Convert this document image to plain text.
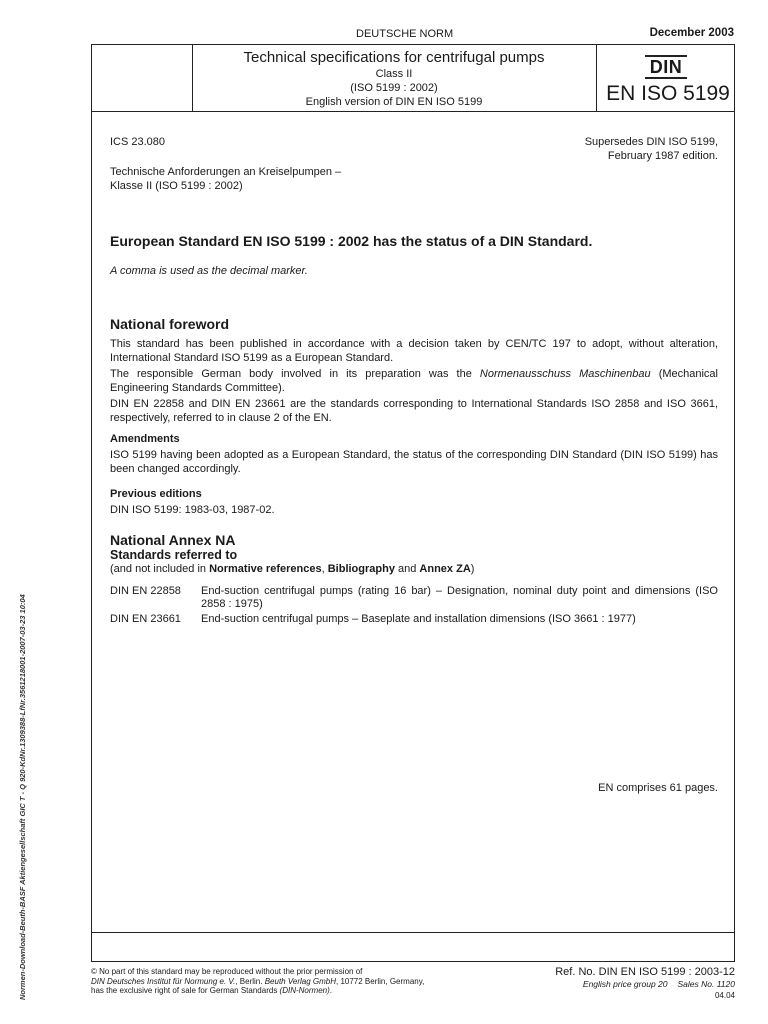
DEUTSCHE NORM	December 2003
Technical specifications for centrifugal pumps
Class II
(ISO 5199 : 2002)
English version of DIN EN ISO 5199
DIN
EN ISO 5199
ICS 23.080	Supersedes DIN ISO 5199,
February 1987 edition.
Technische Anforderungen an Kreiselpumpen –
Klasse II (ISO 5199 : 2002)
European Standard EN ISO 5199 : 2002 has the status of a DIN Standard.
A comma is used as the decimal marker.
National foreword
This standard has been published in accordance with a decision taken by CEN/TC 197 to adopt, without alteration, International Standard ISO 5199 as a European Standard.
The responsible German body involved in its preparation was the Normenausschuss Maschinenbau (Mechanical Engineering Standards Committee).
DIN EN 22858 and DIN EN 23661 are the standards corresponding to International Standards ISO 2858 and ISO 3661, respectively, referred to in clause 2 of the EN.
Amendments
ISO 5199 having been adopted as a European Standard, the status of the corresponding DIN Standard (DIN ISO 5199) has been changed accordingly.
Previous editions
DIN ISO 5199: 1983-03, 1987-02.
National Annex NA
Standards referred to
(and not included in Normative references, Bibliography and Annex ZA)
DIN EN 22858	End-suction centrifugal pumps (rating 16 bar) – Designation, nominal duty point and dimensions (ISO 2858 : 1975)
DIN EN 23661	End-suction centrifugal pumps – Baseplate and installation dimensions (ISO 3661 : 1977)
EN comprises 61 pages.
© No part of this standard may be reproduced without the prior permission of
DIN Deutsches Institut für Normung e. V., Berlin. Beuth Verlag GmbH, 10772 Berlin, Germany,
has the exclusive right of sale for German Standards (DIN-Normen).
Ref. No. DIN EN ISO 5199 : 2003-12
English price group 20 Sales No. 1120
04.04
Normen-Download-Beuth-BASF Aktiengesellschaft GIC T - Q 920-KdNr.1309388-LfNr.3561218001-2007-03-23 10:04
